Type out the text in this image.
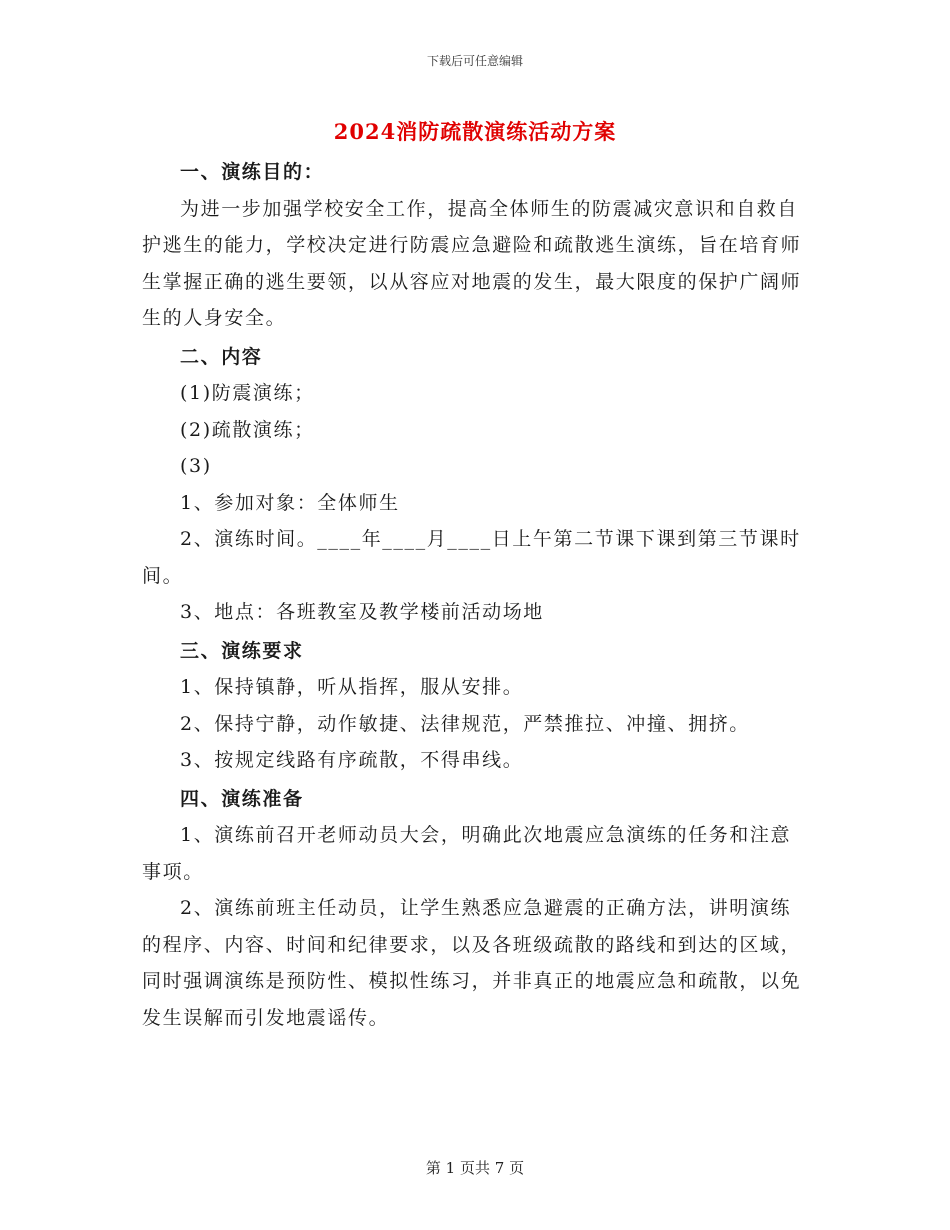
下载后可任意编辑
2024消防疏散演练活动方案

一、演练目的：

为进一步加强学校安全工作，提高全体师生的防震减灾意识和自救自护逃生的能力，学校决定进行防震应急避险和疏散逃生演练，旨在培育师生掌握正确的逃生要领，以从容应对地震的发生，最大限度的保护广阔师生的人身安全。

二、内容

(1)防震演练；

(2)疏散演练；

(3)

1、参加对象：全体师生

2、演练时间。____年____月____日上午第二节课下课到第三节课时间。

3、地点：各班教室及教学楼前活动场地

三、演练要求

1、保持镇静，听从指挥，服从安排。

2、保持宁静，动作敏捷、法律规范，严禁推拉、冲撞、拥挤。

3、按规定线路有序疏散，不得串线。

四、演练准备

1、演练前召开老师动员大会，明确此次地震应急演练的任务和注意事项。

2、演练前班主任动员，让学生熟悉应急避震的正确方法，讲明演练的程序、内容、时间和纪律要求，以及各班级疏散的路线和到达的区域，同时强调演练是预防性、模拟性练习，并非真正的地震应急和疏散，以免发生误解而引发地震谣传。

第 1 页共 7 页
